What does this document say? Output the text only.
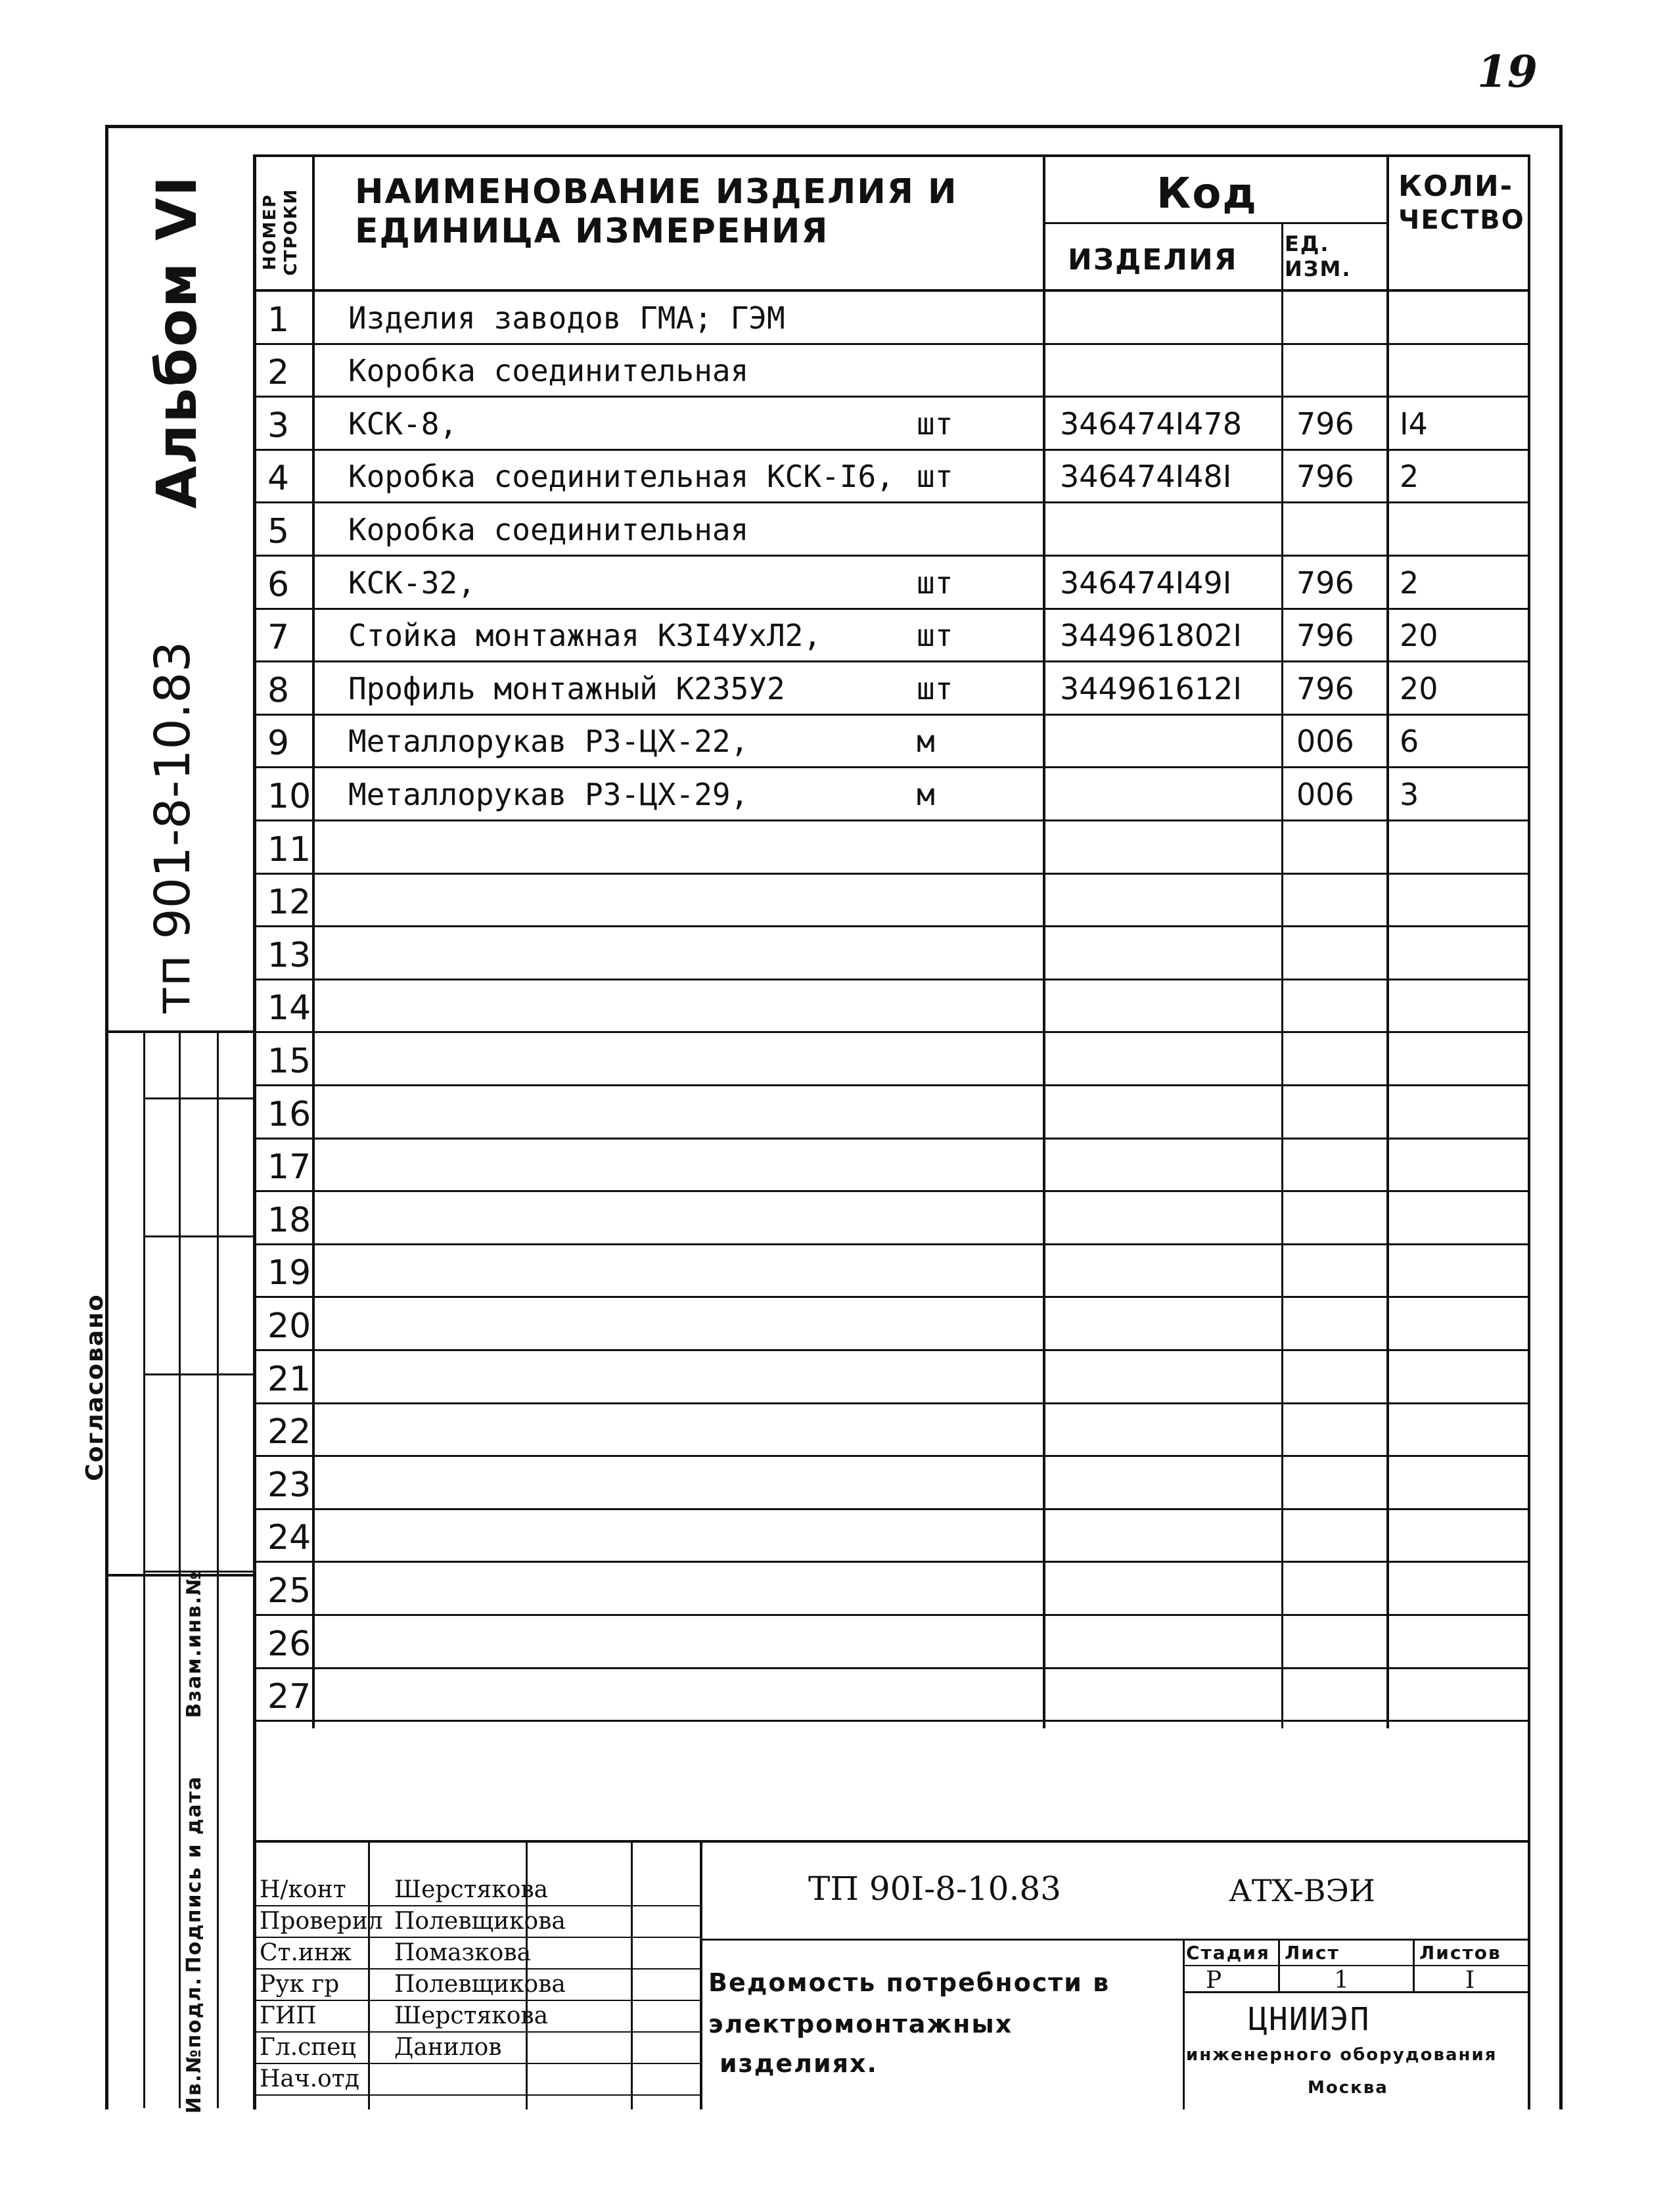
19
Альбом VI
тп 901-8-10.83
Согласовано
Взам.инв.№
Подпись и дата
Ив.№подл.
НОМЕР СТРОКИ НАИМЕНОВАНИЕ ИЗДЕЛИЯ И
ЕДИНИЦА ИЗМЕРЕНИЯ
Код
ИЗДЕЛИЯ ЕД. ИЗМ.
КОЛИ-
ЧЕСТВО
1 Изделия заводов ГМА; ГЭМ
2 Коробка соединительная
3 КСК-8,	шт	346474I478 796 I4
4 Коробка соединительная КСК-I6, шт	346474I48I 796 2
5 Коробка соединительная
6 КСК-32,	шт	346474I49I 796 2
7 Стойка монтажная К3I4УхЛ2,	шт	344961802I 796 20
8 Профиль монтажный К235У2	шт	344961612I 796 20
9 Металлорукав Р3-ЦХ-22,	м	006 6
10 Металлорукав Р3-ЦХ-29,	м	006 3
11
12
13
14
15
16
17
18
19
20
21
22
23
24
25
26
27
Н/конт Шерстякова
Проверил Полевщикова
Ст.инж Помазкова
Рук гр Полевщикова
ГИП	Шерстякова
Гл.спец Данилов
Нач.отд
ТП 90I-8-10.83	АТХ-ВЭИ
Ведомость потребности в
электромонтажных
изделиях.
Стадия Лист	Листов
Р	1	I
ЦНИИЭП
инженерного оборудования
Москва
